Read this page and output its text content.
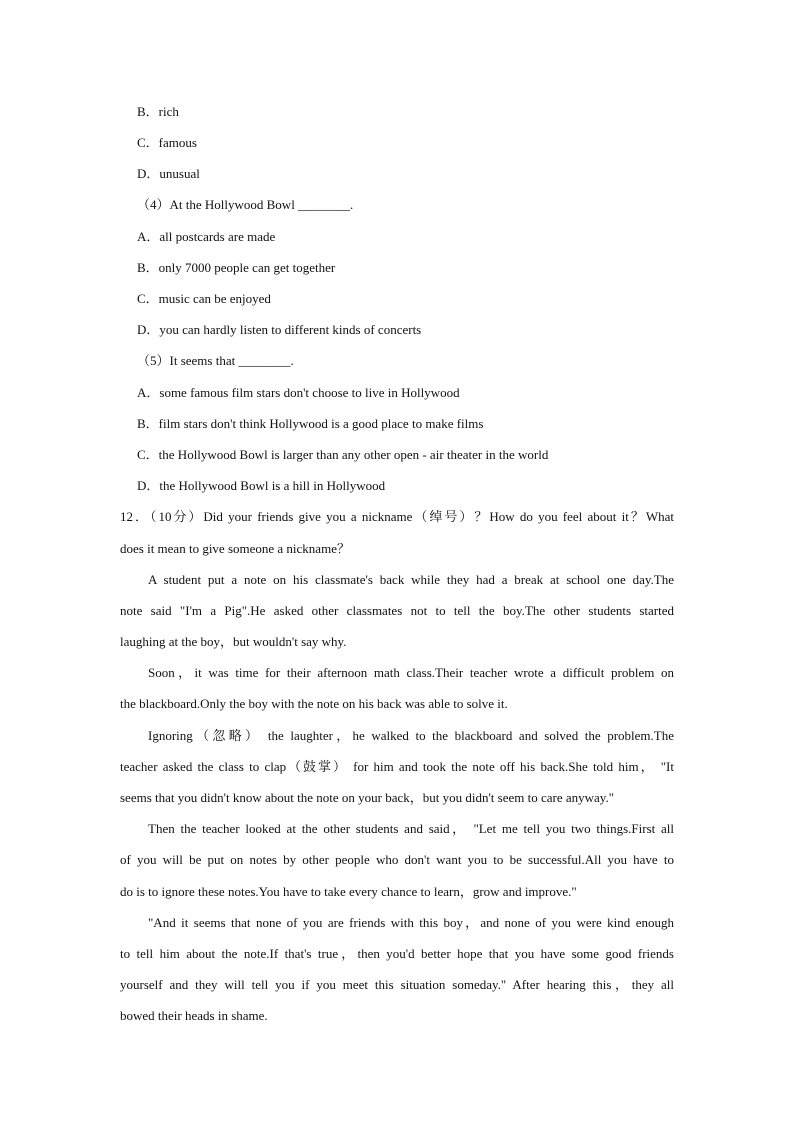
B．rich
C．famous
D．unusual
（4）At the Hollywood Bowl ________.
A．all postcards are made
B．only 7000 people can get together
C．music can be enjoyed
D．you can hardly listen to different kinds of concerts
（5）It seems that ________.
A．some famous film stars don't choose to live in Hollywood
B．film stars don't think Hollywood is a good place to make films
C．the Hollywood Bowl is larger than any other open - air theater in the world
D．the Hollywood Bowl is a hill in Hollywood
12．（10分）Did your friends give you a nickname（绰号）？How do you feel about it？What
does it mean to give someone a nickname？
A student put a note on his classmate's back while they had a break at school one day.The
note said "I'm a Pig".He asked other classmates not to tell the boy.The other students started
laughing at the boy，but wouldn't say why.
Soon，it was time for their afternoon math class.Their teacher wrote a difficult problem on
the blackboard.Only the boy with the note on his back was able to solve it.
Ignoring（忽略） the laughter，he walked to the blackboard and solved the problem.The
teacher asked the class to clap（鼓掌） for him and took the note off his back.She told him， "It
seems that you didn't know about the note on your back，but you didn't seem to care anyway."
Then the teacher looked at the other students and said， "Let me tell you two things.First all
of you will be put on notes by other people who don't want you to be successful.All you have to
do is to ignore these notes.You have to take every chance to learn，grow and improve."
"And it seems that none of you are friends with this boy，and none of you were kind enough
to tell him about the note.If that's true，then you'd better hope that you have some good friends
yourself and they will tell you if you meet this situation someday." After hearing this，they all
bowed their heads in shame.
